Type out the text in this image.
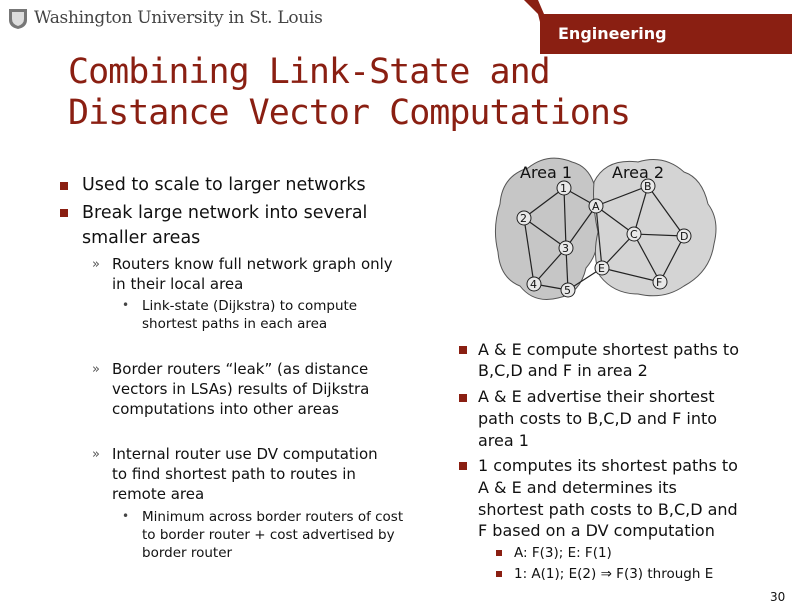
Washington University in St. Louis
Engineering
Combining Link-State and
Distance Vector Computations
Used to scale to larger networks
Break large network into several
smaller areas
» Routers know full network graph only
in their local area
• Link-state (Dijkstra) to compute
shortest paths in each area
» Border routers “leak” (as distance
vectors in LSAs) results of Dijkstra
computations into other areas
» Internal router use DV computation
to find shortest path to routes in
remote area
• Minimum across border routers of cost
to border router + cost advertised by
border router
1
2
3
4 5
A
B
C	D
E
F
Area 1 Area 2
A & E compute shortest paths to
B,C,D and F in area 2
A & E advertise their shortest
path costs to B,C,D and F into
area 1
1 computes its shortest paths to
A & E and determines its
shortest path costs to B,C,D and
F based on a DV computation
A: F(3); E: F(1)
1: A(1); E(2) ⇒ F(3) through E
30
